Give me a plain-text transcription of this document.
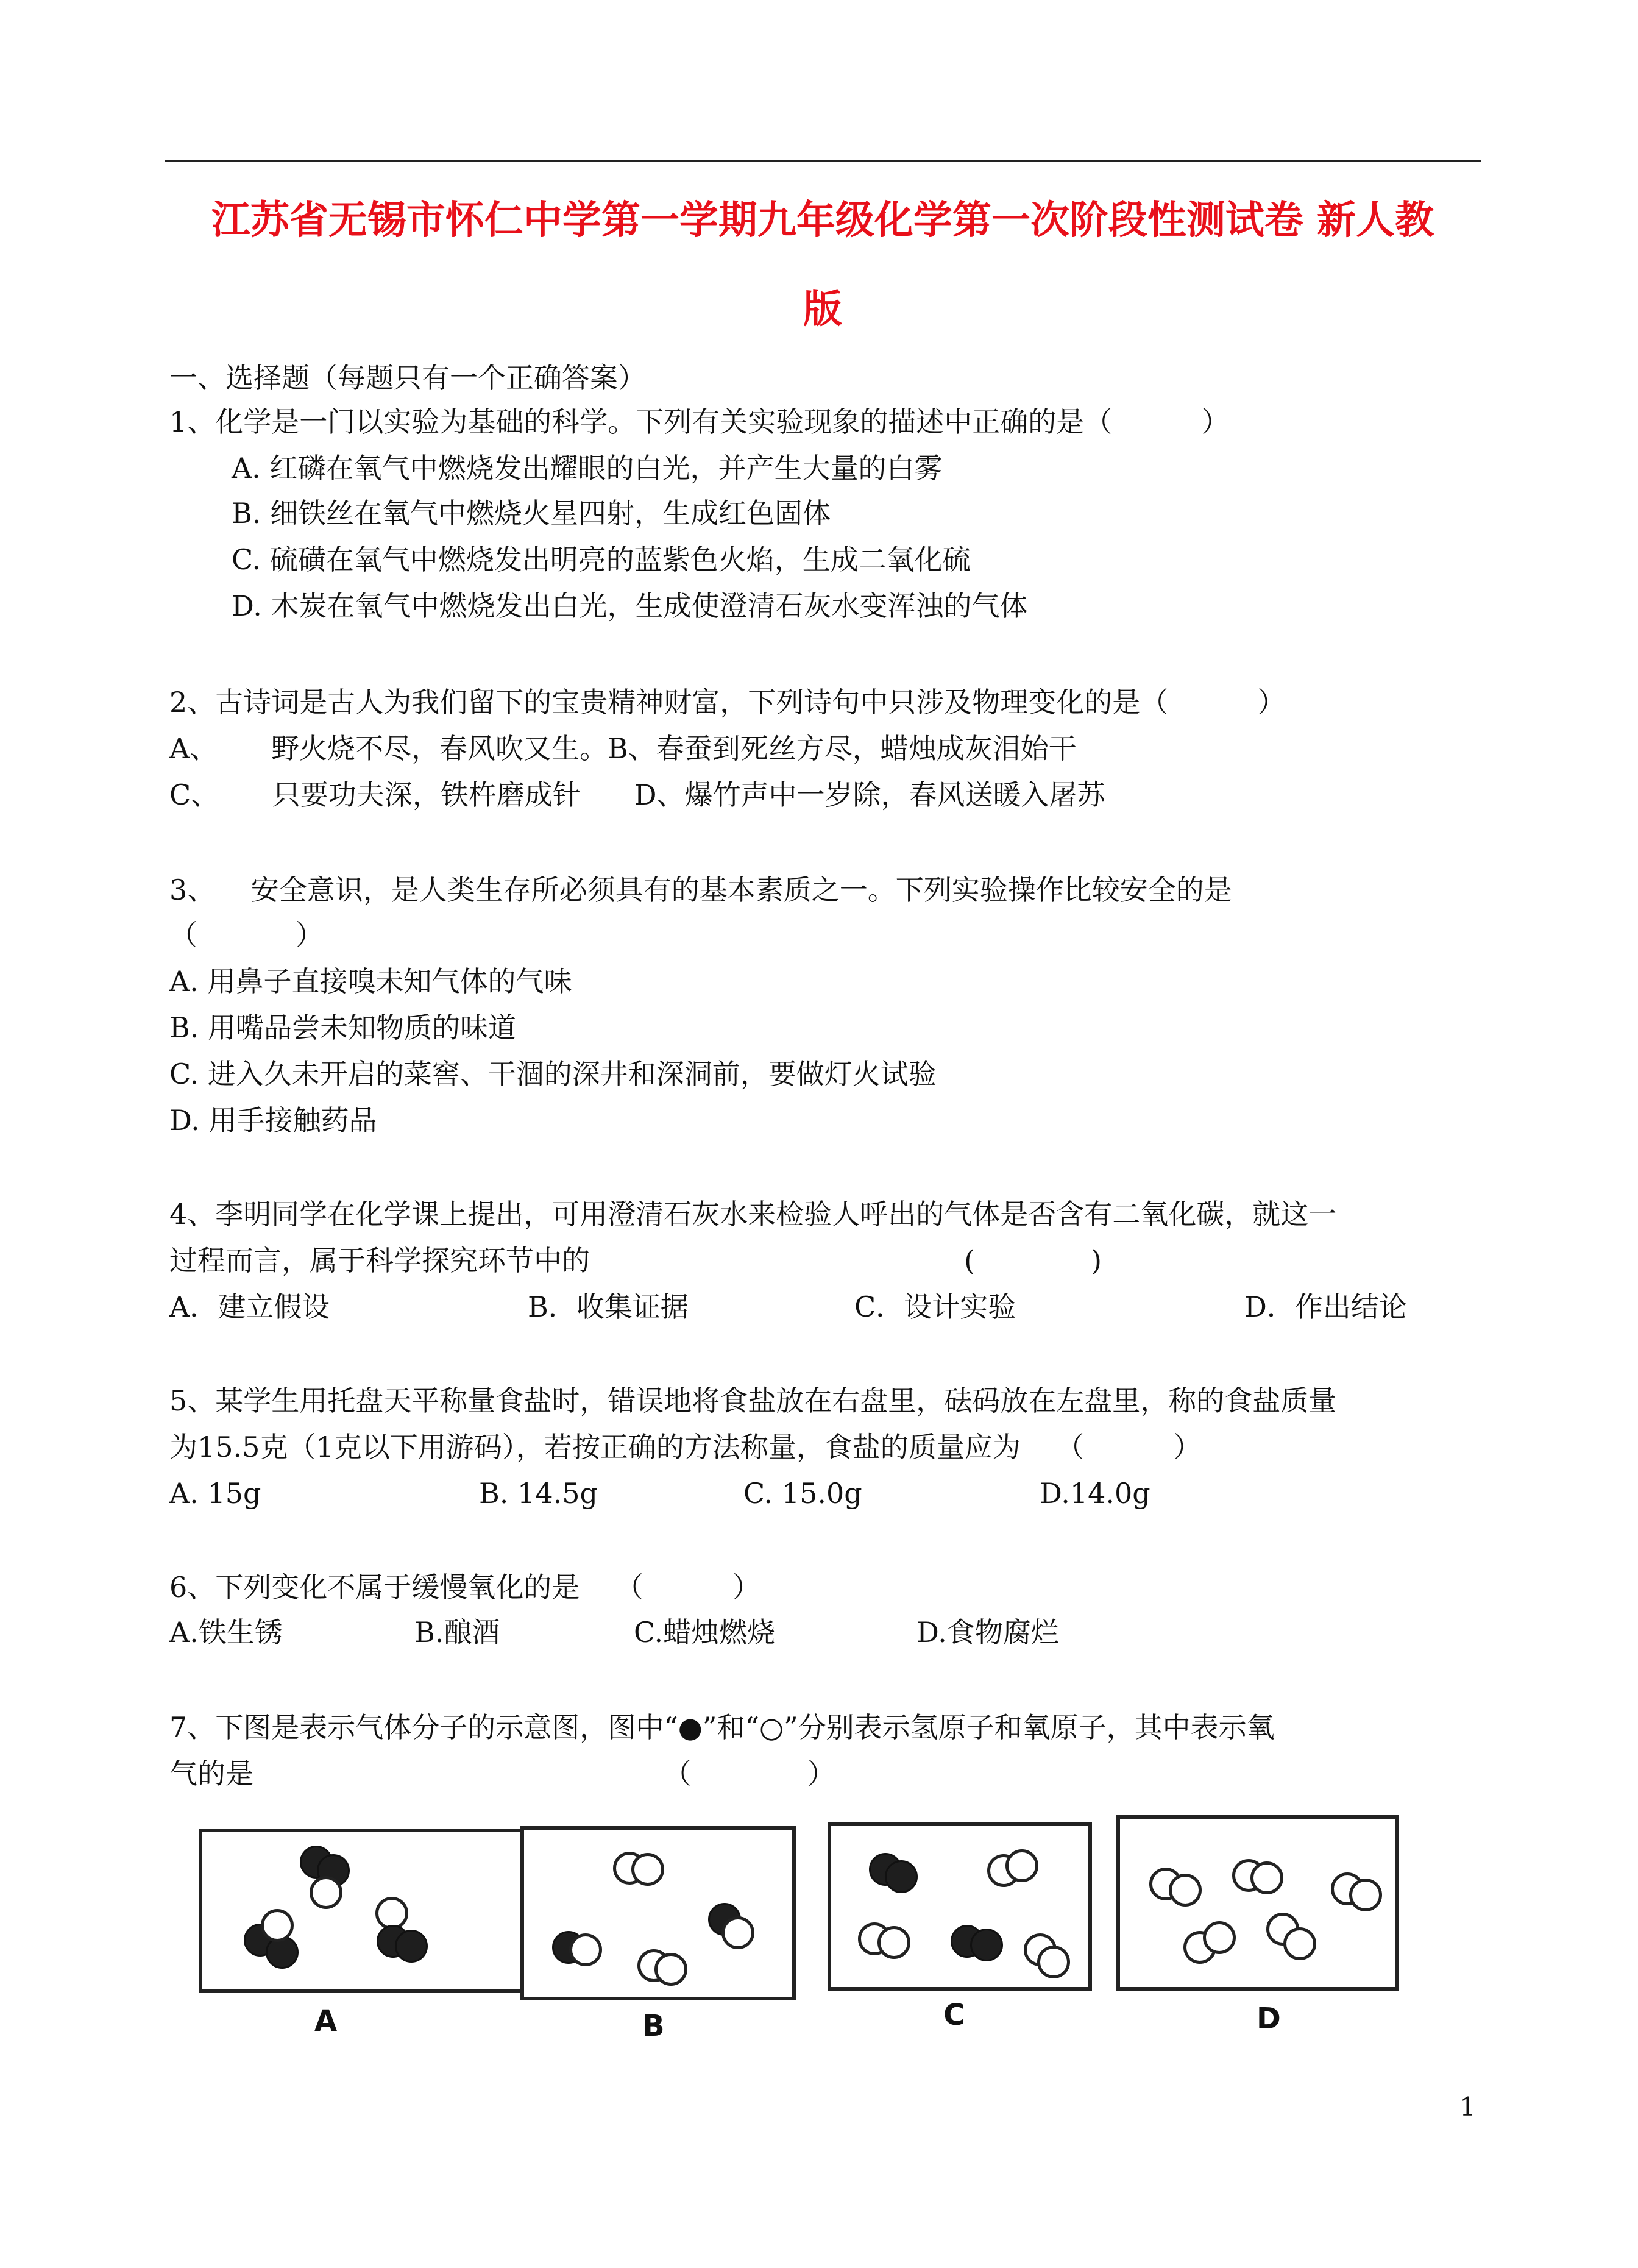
江苏省无锡市怀仁中学第一学期九年级化学第一次阶段性测试卷 新人教
版
一、选择题（每题只有一个正确答案）
1、化学是一门以实验为基础的科学。下列有关实验现象的描述中正确的是（          ）
A. 红磷在氧气中燃烧发出耀眼的白光，并产生大量的白雾
B. 细铁丝在氧气中燃烧火星四射，生成红色固体
C. 硫磺在氧气中燃烧发出明亮的蓝紫色火焰，生成二氧化硫
D. 木炭在氧气中燃烧发出白光，生成使澄清石灰水变浑浊的气体
2、古诗词是古人为我们留下的宝贵精神财富，下列诗句中只涉及物理变化的是（          ）
A、      野火烧不尽，春风吹又生。B、春蚕到死丝方尽，蜡烛成灰泪始干
C、      只要功夫深，铁杵磨成针      D、爆竹声中一岁除，春风送暖入屠苏
3、    安全意识，是人类生存所必须具有的基本素质之一。下列实验操作比较安全的是
（           ）
A. 用鼻子直接嗅未知气体的气味
B. 用嘴品尝未知物质的味道
C. 进入久未开启的菜窖、干涸的深井和深洞前，要做灯火试验
D. 用手接触药品
4、李明同学在化学课上提出，可用澄清石灰水来检验人呼出的气体是否含有二氧化碳，就这一
过程而言，属于科学探究环节中的                                          (             )
A．建立假设	B．收集证据	C．设计实验	D．作出结论
5、某学生用托盘天平称量食盐时，错误地将食盐放在右盘里，砝码放在左盘里，称的食盐质量
为15.5克（1克以下用游码），若按正确的方法称量，食盐的质量应为    （          ）
A. 15g	B. 14.5g	C. 15.0g	D.14.0g
6、下列变化不属于缓慢氧化的是    （          ）
A.铁生锈	B.酿酒	C.蜡烛燃烧	D.食物腐烂
7、下图是表示气体分子的示意图，图中“●”和“○”分别表示氢原子和氧原子，其中表示氧
气的是                                              （             ）
A	B	C	D
1
